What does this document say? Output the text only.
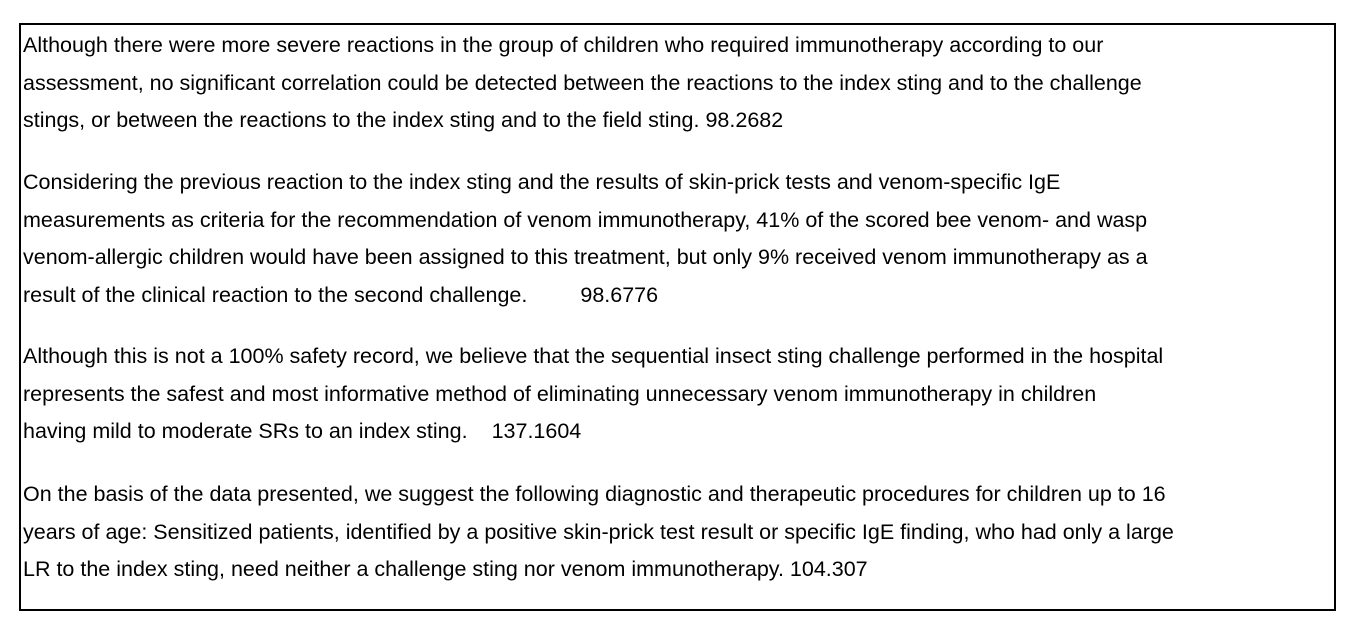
Although there were more severe reactions in the group of children who required immunotherapy according to our
assessment, no significant correlation could be detected between the reactions to the index sting and to the challenge
stings, or between the reactions to the index sting and to the field sting. 98.2682

Considering the previous reaction to the index sting and the results of skin-prick tests and venom-specific IgE
measurements as criteria for the recommendation of venom immunotherapy, 41% of the scored bee venom- and wasp
venom-allergic children would have been assigned to this treatment, but only 9% received venom immunotherapy as a
result of the clinical reaction to the second challenge. 98.6776

Although this is not a 100% safety record, we believe that the sequential insect sting challenge performed in the hospital
represents the safest and most informative method of eliminating unnecessary venom immunotherapy in children
having mild to moderate SRs to an index sting. 137.1604

On the basis of the data presented, we suggest the following diagnostic and therapeutic procedures for children up to 16
years of age: Sensitized patients, identified by a positive skin-prick test result or specific IgE finding, who had only a large
LR to the index sting, need neither a challenge sting nor venom immunotherapy. 104.307
